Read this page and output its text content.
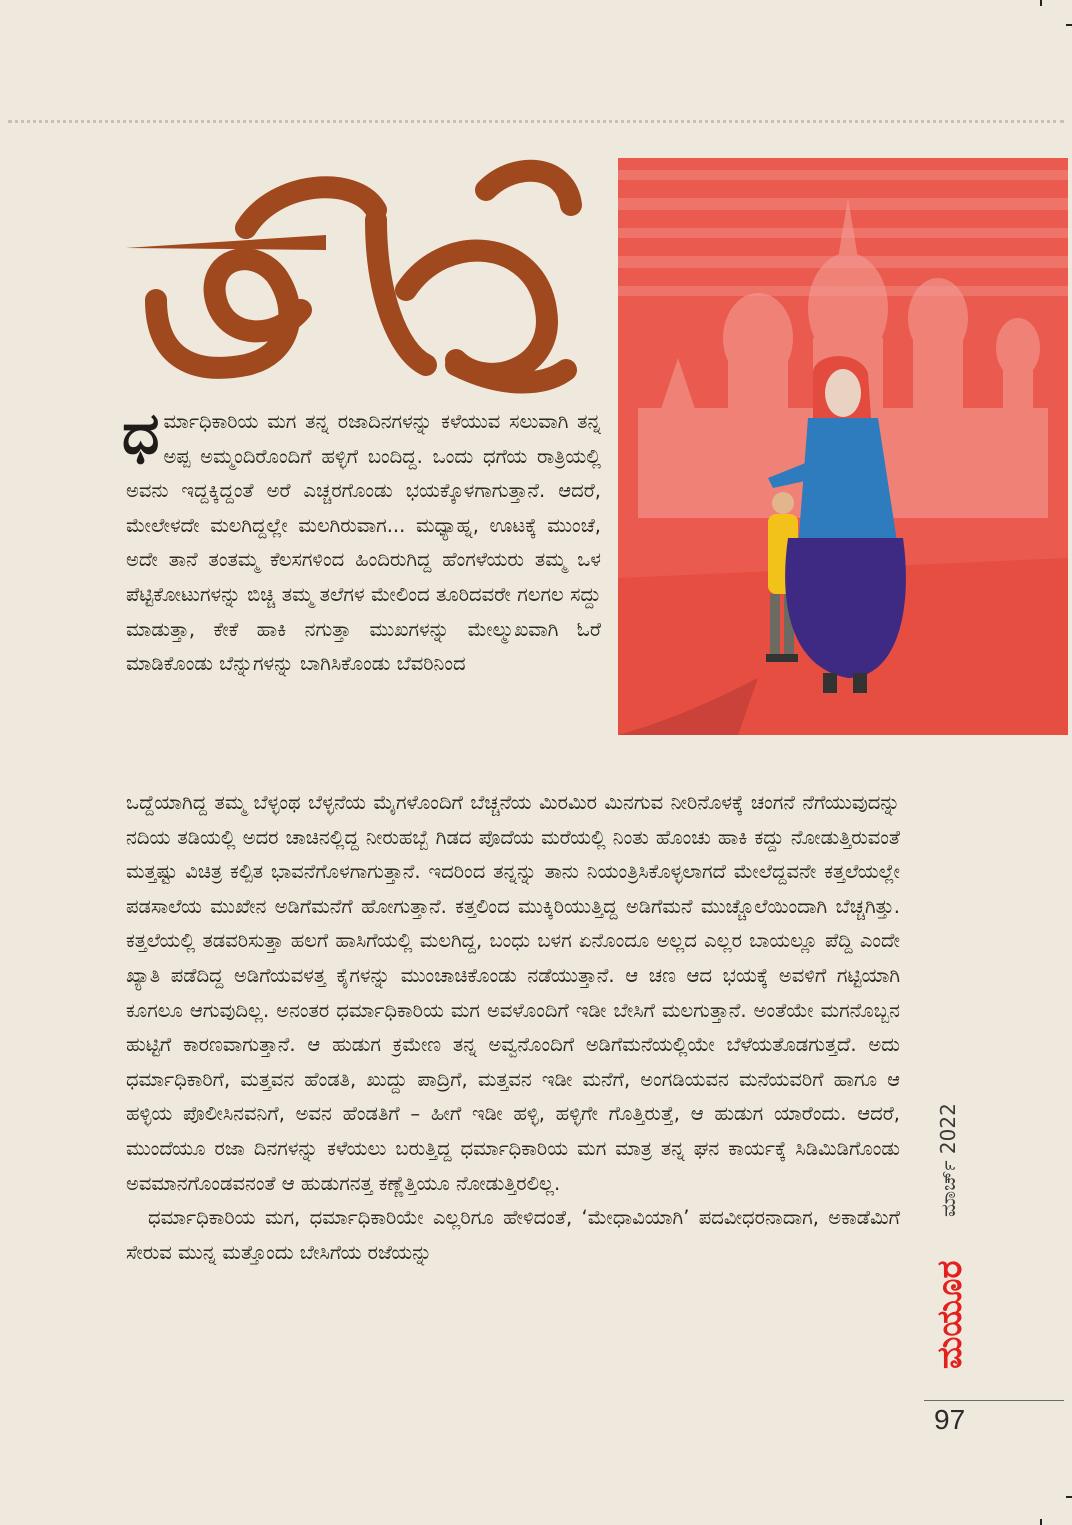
ಧರ್ಮಾಧಿಕಾರಿಯ ಮಗ ತನ್ನ ರಜಾದಿನಗಳನ್ನು ಕಳೆಯುವ ಸಲುವಾಗಿ ತನ್ನ ಅಪ್ಪ ಅಮ್ಮಂದಿರೊಂದಿಗೆ ಹಳ್ಳಿಗೆ ಬಂದಿದ್ದ. ಒಂದು ಧಗೆಯ ರಾತ್ರಿಯಲ್ಲಿ ಅವನು ಇದ್ದಕ್ಕಿದ್ದಂತೆ ಅರೆ ಎಚ್ಚರಗೊಂಡು ಭಯಕ್ಕೊಳಗಾಗುತ್ತಾನೆ. ಆದರೆ, ಮೇಲೇಳದೇ ಮಲಗಿದ್ದಲ್ಲೇ ಮಲಗಿರುವಾಗ... ಮಧ್ಯಾಹ್ನ, ಊಟಕ್ಕೆ ಮುಂಚೆ, ಅದೇ ತಾನೆ ತಂತಮ್ಮ ಕೆಲಸಗಳಿಂದ ಹಿಂದಿರುಗಿದ್ದ ಹೆಂಗಳೆಯರು ತಮ್ಮ ಒಳ ಪೆಟ್ಟಿಕೋಟುಗಳನ್ನು ಬಿಚ್ಚಿ ತಮ್ಮ ತಲೆಗಳ ಮೇಲಿಂದ ತೂರಿದವರೇ ಗಲಗಲ ಸದ್ದು ಮಾಡುತ್ತಾ, ಕೇಕೆ ಹಾಕಿ ನಗುತ್ತಾ ಮುಖಗಳನ್ನು ಮೇಲ್ಮುಖವಾಗಿ ಓರೆ ಮಾಡಿಕೊಂಡು ಬೆನ್ನುಗಳನ್ನು ಬಾಗಿಸಿಕೊಂಡು ಬೆವರಿನಿಂದ
ಒದ್ದೆಯಾಗಿದ್ದ ತಮ್ಮ ಬೆಳ್ಳಂಥ ಬೆಳ್ಳನೆಯ ಮೈಗಳೊಂದಿಗೆ ಬೆಚ್ಚನೆಯ ಮಿರಮಿರ ಮಿನಗುವ ನೀರಿನೊಳಕ್ಕೆ ಚಂಗನೆ ನೆಗೆಯುವುದನ್ನು ನದಿಯ ತಡಿಯಲ್ಲಿ ಅದರ ಚಾಚಿನಲ್ಲಿದ್ದ ನೀರುಹಬ್ಬೆ ಗಿಡದ ಪೊದೆಯ ಮರೆಯಲ್ಲಿ ನಿಂತು ಹೊಂಚು ಹಾಕಿ ಕದ್ದು ನೋಡುತ್ತಿರುವಂತೆ ಮತ್ತಷ್ಟು ವಿಚಿತ್ರ ಕಲ್ಪಿತ ಭಾವನೆಗೊಳಗಾಗುತ್ತಾನೆ. ಇದರಿಂದ ತನ್ನನ್ನು ತಾನು ನಿಯಂತ್ರಿಸಿಕೊಳ್ಳಲಾಗದೆ ಮೇಲೆದ್ದವನೇ ಕತ್ತಲೆಯಲ್ಲೇ ಪಡಸಾಲೆಯ ಮುಖೇನ ಅಡಿಗೆಮನೆಗೆ ಹೋಗುತ್ತಾನೆ. ಕತ್ತಲಿಂದ ಮುಕ್ಕಿರಿಯುತ್ತಿದ್ದ ಅಡಿಗೆಮನೆ ಮುಚ್ಚೊಲೆಯಿಂದಾಗಿ ಬೆಚ್ಚಗಿತ್ತು. ಕತ್ತಲೆಯಲ್ಲಿ ತಡವರಿಸುತ್ತಾ ಹಲಗೆ ಹಾಸಿಗೆಯಲ್ಲಿ ಮಲಗಿದ್ದ, ಬಂಧು ಬಳಗ ಏನೊಂದೂ ಅಲ್ಲದ ಎಲ್ಲರ ಬಾಯಲ್ಲೂ ಪೆದ್ದಿ ಎಂದೇ ಖ್ಯಾತಿ ಪಡೆದಿದ್ದ ಅಡಿಗೆಯವಳತ್ತ ಕೈಗಳನ್ನು ಮುಂಚಾಚಿಕೊಂಡು ನಡೆಯುತ್ತಾನೆ. ಆ ಚಣ ಆದ ಭಯಕ್ಕೆ ಅವಳಿಗೆ ಗಟ್ಟಿಯಾಗಿ ಕೂಗಲೂ ಆಗುವುದಿಲ್ಲ. ಅನಂತರ ಧರ್ಮಾಧಿಕಾರಿಯ ಮಗ ಅವಳೊಂದಿಗೆ ಇಡೀ ಬೇಸಿಗೆ ಮಲಗುತ್ತಾನೆ. ಅಂತೆಯೇ ಮಗನೊಬ್ಬನ ಹುಟ್ಟಿಗೆ ಕಾರಣವಾಗುತ್ತಾನೆ. ಆ ಹುಡುಗ ಕ್ರಮೇಣ ತನ್ನ ಅವ್ವನೊಂದಿಗೆ ಅಡಿಗೆಮನೆಯಲ್ಲಿಯೇ ಬೆಳೆಯತೊಡಗುತ್ತದೆ. ಅದು ಧರ್ಮಾಧಿಕಾರಿಗೆ, ಮತ್ತವನ ಹೆಂಡತಿ, ಖುದ್ದು ಪಾದ್ರಿಗೆ, ಮತ್ತವನ ಇಡೀ ಮನೆಗೆ, ಅಂಗಡಿಯವನ ಮನೆಯವರಿಗೆ ಹಾಗೂ ಆ ಹಳ್ಳಿಯ ಪೊಲೀಸಿನವನಿಗೆ, ಅವನ ಹೆಂಡತಿಗೆ – ಹೀಗೆ ಇಡೀ ಹಳ್ಳಿ, ಹಳ್ಳಿಗೇ ಗೊತ್ತಿರುತ್ತೆ, ಆ ಹುಡುಗ ಯಾರೆಂದು. ಆದರೆ, ಮುಂದೆಯೂ ರಜಾ ದಿನಗಳನ್ನು ಕಳೆಯಲು ಬರುತ್ತಿದ್ದ ಧರ್ಮಾಧಿಕಾರಿಯ ಮಗ ಮಾತ್ರ ತನ್ನ ಘನ ಕಾರ್ಯಕ್ಕೆ ಸಿಡಿಮಿಡಿಗೊಂಡು ಅವಮಾನಗೊಂಡವನಂತೆ ಆ ಹುಡುಗನತ್ತ ಕಣ್ಣೆತ್ತಿಯೂ ನೋಡುತ್ತಿರಲಿಲ್ಲ.
ಧರ್ಮಾಧಿಕಾರಿಯ ಮಗ, ಧರ್ಮಾಧಿಕಾರಿಯೇ ಎಲ್ಲರಿಗೂ ಹೇಳಿದಂತೆ, ‘ಮೇಧಾವಿಯಾಗಿ’ ಪದವೀಧರನಾದಾಗ, ಅಕಾಡೆಮಿಗೆ ಸೇರುವ ಮುನ್ನ ಮತ್ತೊಂದು ಬೇಸಿಗೆಯ ರಜೆಯನ್ನು
ಮಾರ್ಚ್ 2022
ಮಯೂರ
97
